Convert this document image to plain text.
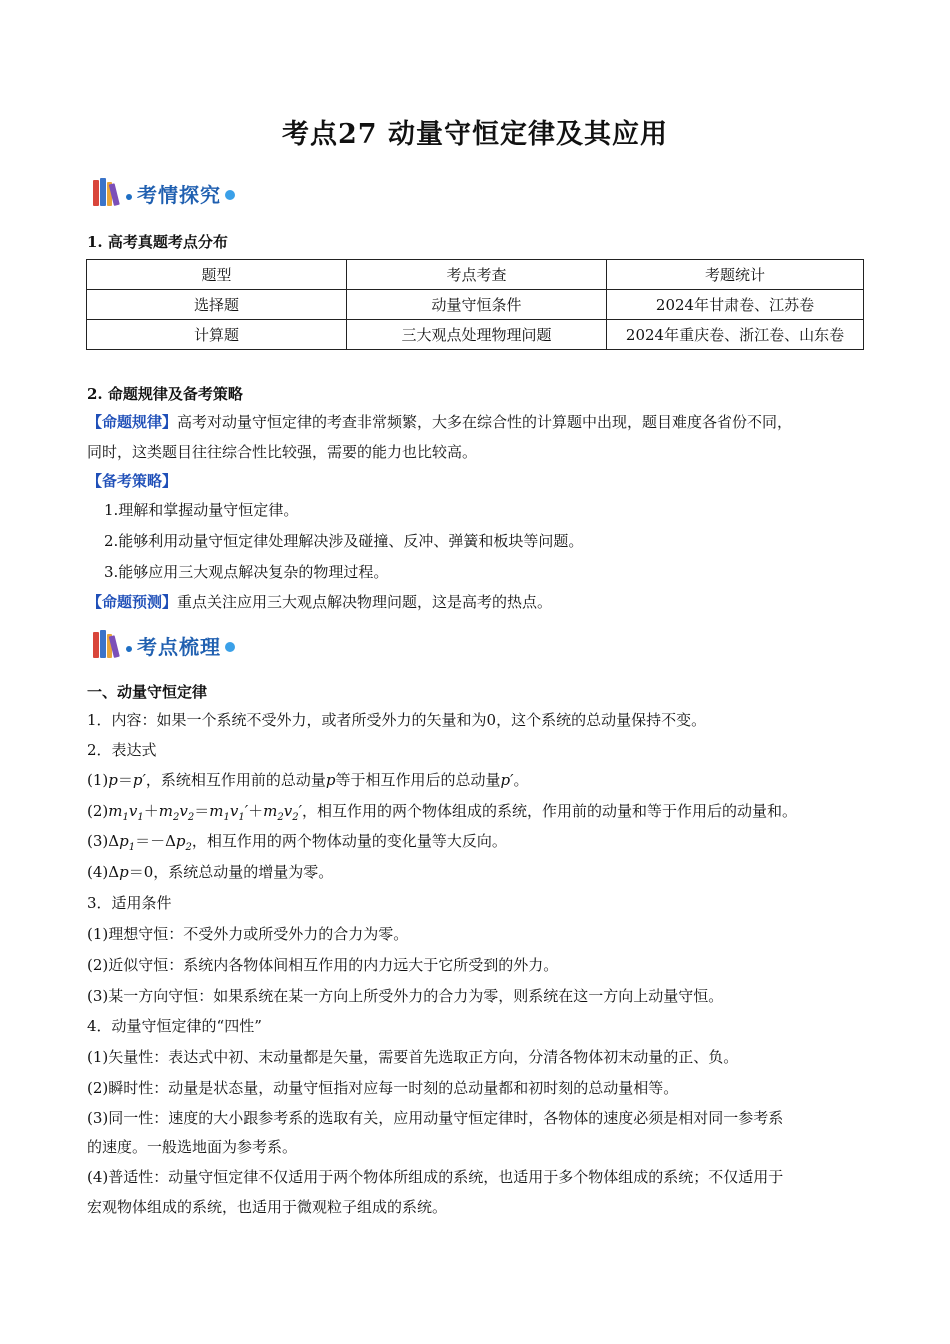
考点27 动量守恒定律及其应用
考情探究
1. 高考真题考点分布
题型	考点考查	考题统计
选择题	动量守恒条件	2024年甘肃卷、江苏卷
计算题	三大观点处理物理问题	2024年重庆卷、浙江卷、山东卷
2. 命题规律及备考策略
【命题规律】高考对动量守恒定律的考查非常频繁，大多在综合性的计算题中出现，题目难度各省份不同，
同时，这类题目往往综合性比较强，需要的能力也比较高。
【备考策略】
1.理解和掌握动量守恒定律。
2.能够利用动量守恒定律处理解决涉及碰撞、反冲、弹簧和板块等问题。
3.能够应用三大观点解决复杂的物理过程。
【命题预测】重点关注应用三大观点解决物理问题，这是高考的热点。
考点梳理
一、动量守恒定律
1．内容：如果一个系统不受外力，或者所受外力的矢量和为0，这个系统的总动量保持不变。
2．表达式
(1)p＝p′，系统相互作用前的总动量p等于相互作用后的总动量p′。
$(2)m_1v_1+m_2v_2=m_1v_1'+m_2v_2'$，相互作用的两个物体组成的系统，作用前的动量和等于作用后的动量和。
$(3)\Delta p_1=-\Delta p_2$，相互作用的两个物体动量的变化量等大反向。
(4)Δp＝0，系统总动量的增量为零。
3．适用条件
(1)理想守恒：不受外力或所受外力的合力为零。
(2)近似守恒：系统内各物体间相互作用的内力远大于它所受到的外力。
(3)某一方向守恒：如果系统在某一方向上所受外力的合力为零，则系统在这一方向上动量守恒。
4．动量守恒定律的“四性”
(1)矢量性：表达式中初、末动量都是矢量，需要首先选取正方向，分清各物体初末动量的正、负。
(2)瞬时性：动量是状态量，动量守恒指对应每一时刻的总动量都和初时刻的总动量相等。
(3)同一性：速度的大小跟参考系的选取有关，应用动量守恒定律时，各物体的速度必须是相对同一参考系
的速度。一般选地面为参考系。
(4)普适性：动量守恒定律不仅适用于两个物体所组成的系统，也适用于多个物体组成的系统；不仅适用于
宏观物体组成的系统，也适用于微观粒子组成的系统。
